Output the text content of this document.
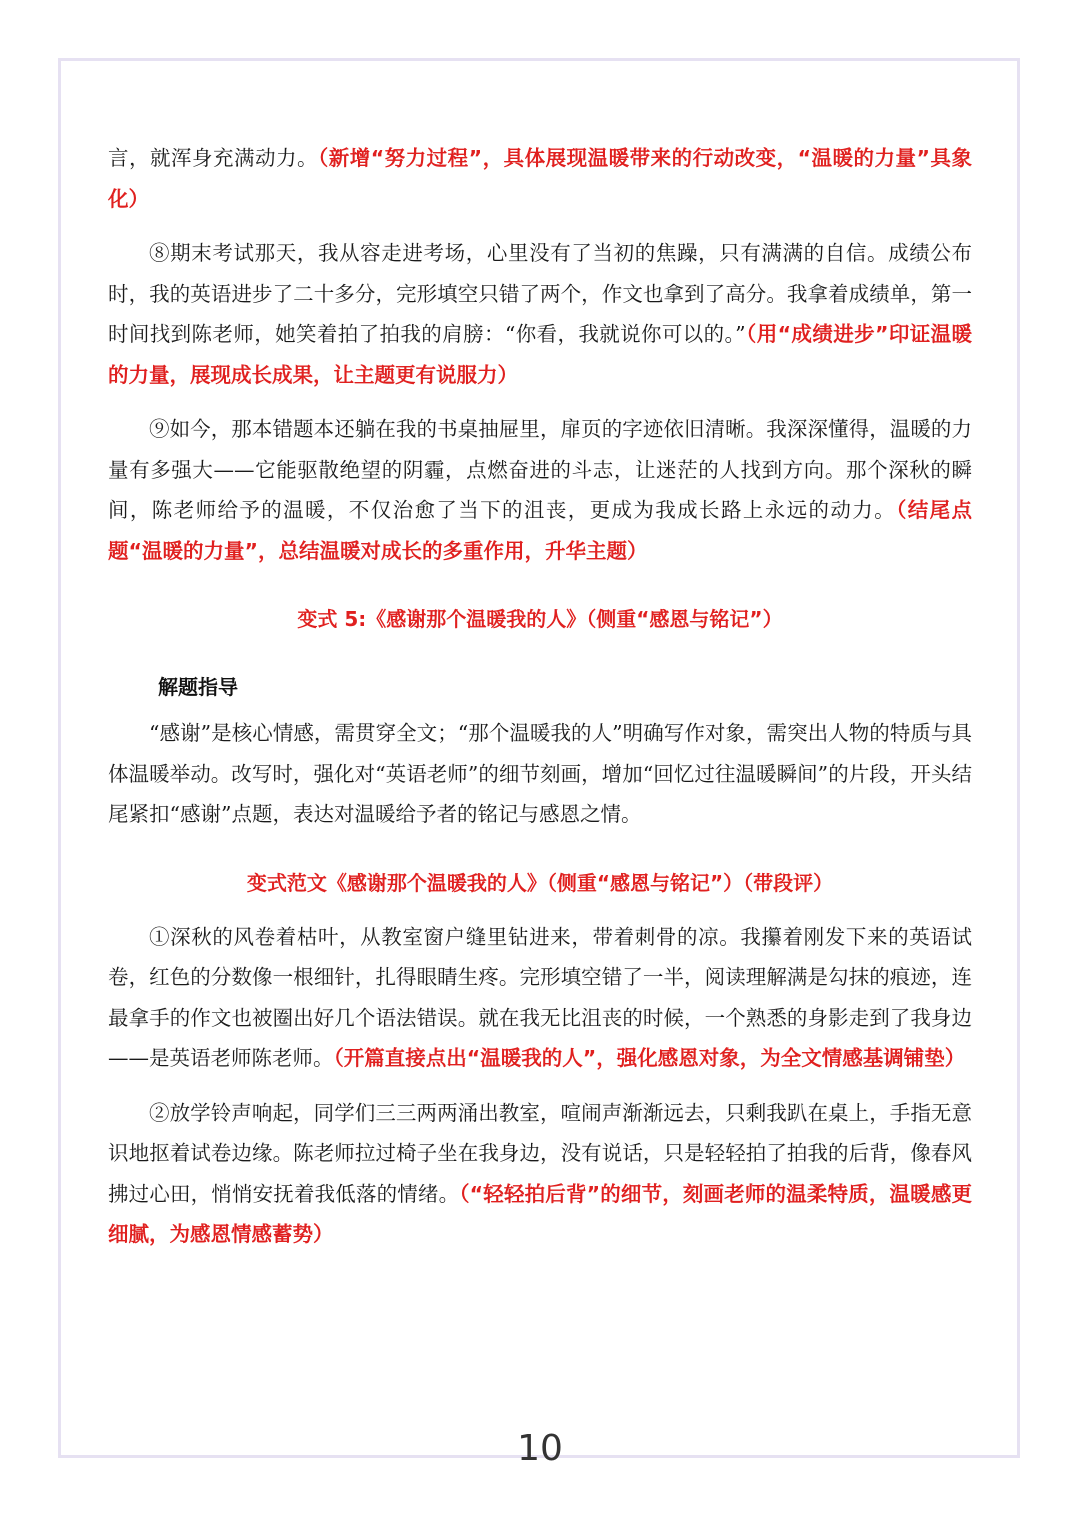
言，就浑身充满动力。（新增“努力过程”，具体展现温暖带来的行动改变，“温暖的力量”具象化）

⑧期末考试那天，我从容走进考场，心里没有了当初的焦躁，只有满满的自信。成绩公布时，我的英语进步了二十多分，完形填空只错了两个，作文也拿到了高分。我拿着成绩单，第一时间找到陈老师，她笑着拍了拍我的肩膀：“你看，我就说你可以的。”（用“成绩进步”印证温暖的力量，展现成长成果，让主题更有说服力）

⑨如今，那本错题本还躺在我的书桌抽屉里，扉页的字迹依旧清晰。我深深懂得，温暖的力量有多强大——它能驱散绝望的阴霾，点燃奋进的斗志，让迷茫的人找到方向。那个深秋的瞬间，陈老师给予的温暖，不仅治愈了当下的沮丧，更成为我成长路上永远的动力。（结尾点题“温暖的力量”，总结温暖对成长的多重作用，升华主题）

变式 5:《感谢那个温暖我的人》（侧重“感恩与铭记”）

解题指导

“感谢”是核心情感，需贯穿全文；“那个温暖我的人”明确写作对象，需突出人物的特质与具体温暖举动。改写时，强化对“英语老师”的细节刻画，增加“回忆过往温暖瞬间”的片段，开头结尾紧扣“感谢”点题，表达对温暖给予者的铭记与感恩之情。

变式范文《感谢那个温暖我的人》（侧重“感恩与铭记”）（带段评）

①深秋的风卷着枯叶，从教室窗户缝里钻进来，带着刺骨的凉。我攥着刚发下来的英语试卷，红色的分数像一根细针，扎得眼睛生疼。完形填空错了一半，阅读理解满是勾抹的痕迹，连最拿手的作文也被圈出好几个语法错误。就在我无比沮丧的时候，一个熟悉的身影走到了我身边——是英语老师陈老师。（开篇直接点出“温暖我的人”，强化感恩对象，为全文情感基调铺垫）

②放学铃声响起，同学们三三两两涌出教室，喧闹声渐渐远去，只剩我趴在桌上，手指无意识地抠着试卷边缘。陈老师拉过椅子坐在我身边，没有说话，只是轻轻拍了拍我的后背，像春风拂过心田，悄悄安抚着我低落的情绪。（“轻轻拍后背”的细节，刻画老师的温柔特质，温暖感更细腻，为感恩情感蓄势）

10
